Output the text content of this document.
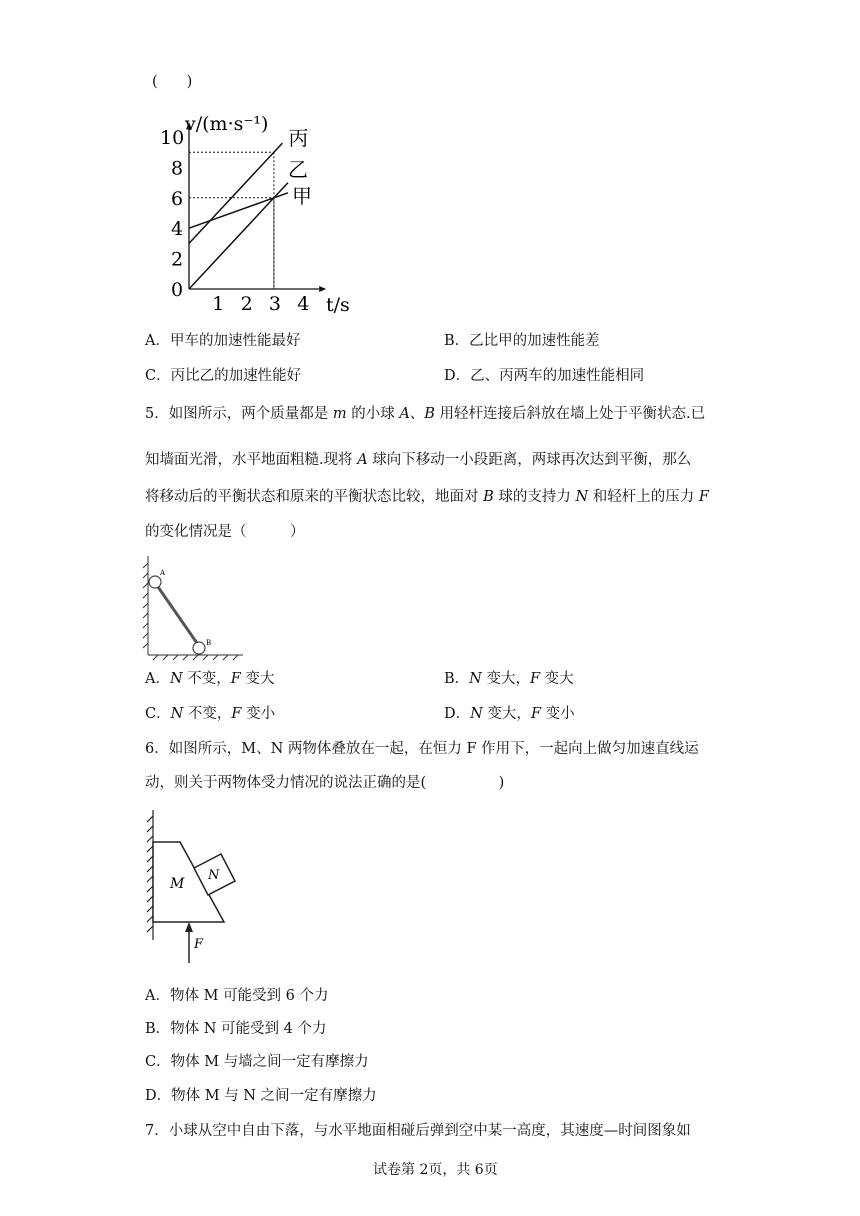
(　　)
丙
乙
甲
1 2 3 4
0
2
4
6
8
10
v/(m·s⁻¹)
t/s
A．甲车的加速性能最好	B．乙比甲的加速性能差
C．丙比乙的加速性能好	D．乙、丙两车的加速性能相同
5．如图所示，两个质量都是 m 的小球 A、B 用轻杆连接后斜放在墙上处于平衡状态.已
知墙面光滑，水平地面粗糙.现将 A 球向下移动一小段距离，两球再次达到平衡，那么
将移动后的平衡状态和原来的平衡状态比较，地面对 B 球的支持力 N 和轻杆上的压力 F
的变化情况是（　　　）
A
B
A．N 不变，F 变大	B．N 变大，F 变大
C．N 不变，F 变小	D．N 变大，F 变小
6．如图所示，M、N 两物体叠放在一起，在恒力 F 作用下，一起向上做匀加速直线运
动，则关于两物体受力情况的说法正确的是(　　　　　)
M
N
F
A．物体 M 可能受到 6 个力
B．物体 N 可能受到 4 个力
C．物体 M 与墙之间一定有摩擦力
D．物体 M 与 N 之间一定有摩擦力
7．小球从空中自由下落，与水平地面相碰后弹到空中某一高度，其速度—时间图象如
试卷第 2页，共 6页
